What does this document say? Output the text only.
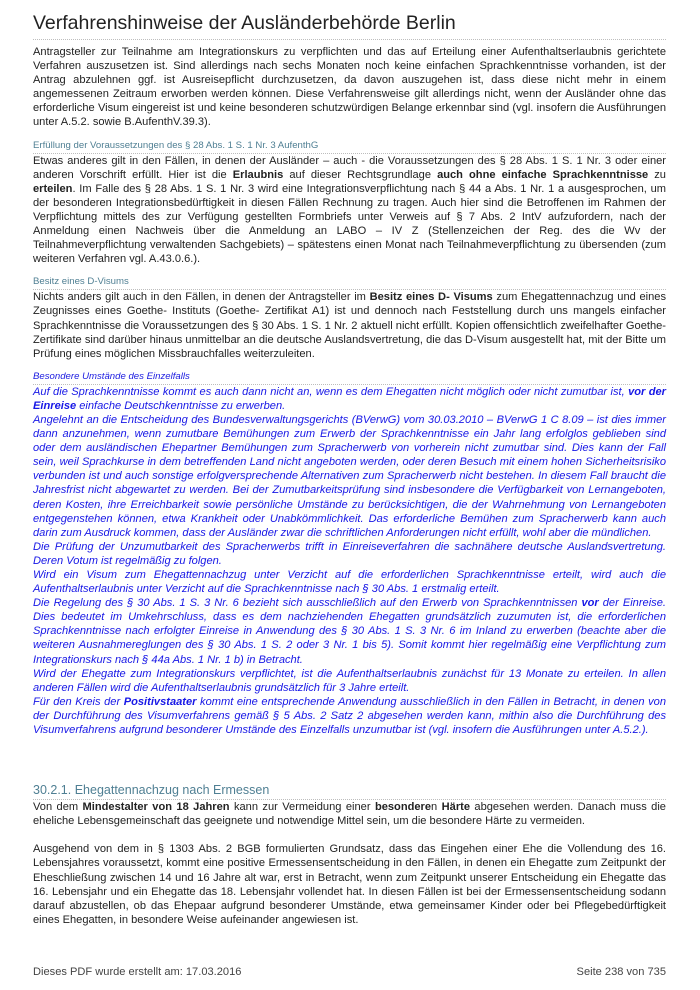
Verfahrenshinweise der Ausländerbehörde Berlin

Antragsteller zur Teilnahme am Integrationskurs zu verpflichten und das auf Erteilung einer Aufenthaltserlaubnis gerichtete Verfahren auszusetzen ist. Sind allerdings nach sechs Monaten noch keine einfachen Sprachkenntnisse vorhanden, ist der Antrag abzulehnen ggf. ist Ausreisepflicht durchzusetzen, da davon auszugehen ist, dass diese nicht mehr in einem angemessenen Zeitraum erworben werden können. Diese Verfahrensweise gilt allerdings nicht, wenn der Ausländer ohne das erforderliche Visum eingereist ist und keine besonderen schutzwürdigen Belange erkennbar sind (vgl. insofern die Ausführungen unter A.5.2. sowie B.AufenthV.39.3).

Erfüllung der Voraussetzungen des § 28 Abs. 1 S. 1 Nr. 3 AufenthG

Etwas anderes gilt in den Fällen, in denen der Ausländer – auch - die Voraussetzungen des § 28 Abs. 1 S. 1 Nr. 3 oder einer anderen Vorschrift erfüllt. Hier ist die Erlaubnis auf dieser Rechtsgrundlage auch ohne einfache Sprachkenntnisse zu erteilen. Im Falle des § 28 Abs. 1 S. 1 Nr. 3 wird eine Integrationsverpflichtung nach § 44 a Abs. 1 Nr. 1 a ausgesprochen, um der besonderen Integrationsbedürftigkeit in diesen Fällen Rechnung zu tragen. Auch hier sind die Betroffenen im Rahmen der Verpflichtung mittels des zur Verfügung gestellten Formbriefs unter Verweis auf § 7 Abs. 2 IntV aufzufordern, nach der Anmeldung einen Nachweis über die Anmeldung an LABO – IV Z (Stellenzeichen der Reg. des die Wv der Teilnahmeverpflichtung verwaltenden Sachgebiets) – spätestens einen Monat nach Teilnahmeverpflichtung zu übersenden (zum weiteren Verfahren vgl. A.43.0.6.).

Besitz eines D-Visums

Nichts anders gilt auch in den Fällen, in denen der Antragsteller im Besitz eines D- Visums zum Ehegattennachzug und eines Zeugnisses eines Goethe- Instituts (Goethe- Zertifikat A1) ist und dennoch nach Feststellung durch uns mangels einfacher Sprachkenntnisse die Voraussetzungen des § 30 Abs. 1 S. 1 Nr. 2 aktuell nicht erfüllt. Kopien offensichtlich zweifelhafter Goethe- Zertifikate sind darüber hinaus unmittelbar an die deutsche Auslandsvertretung, die das D-Visum ausgestellt hat, mit der Bitte um Prüfung eines möglichen Missbrauchfalles weiterzuleiten.

Besondere Umstände des Einzelfalls

Auf die Sprachkenntnisse kommt es auch dann nicht an, wenn es dem Ehegatten nicht möglich oder nicht zumutbar ist, vor der Einreise einfache Deutschkenntnisse zu erwerben.

Angelehnt an die Entscheidung des Bundesverwaltungsgerichts (BVerwG) vom 30.03.2010 – BVerwG 1 C 8.09 – ist dies immer dann anzunehmen, wenn zumutbare Bemühungen zum Erwerb der Sprachkenntnisse ein Jahr lang erfolglos geblieben sind oder dem ausländischen Ehepartner Bemühungen zum Spracherwerb von vorherein nicht zumutbar sind. Dies kann der Fall sein, weil Sprachkurse in dem betreffenden Land nicht angeboten werden, oder deren Besuch mit einem hohen Sicherheitsrisiko verbunden ist und auch sonstige erfolgversprechende Alternativen zum Spracherwerb nicht bestehen. In diesem Fall braucht die Jahresfrist nicht abgewartet zu werden. Bei der Zumutbarkeitsprüfung sind insbesondere die Verfügbarkeit von Lernangeboten, deren Kosten, ihre Erreichbarkeit sowie persönliche Umstände zu berücksichtigen, die der Wahrnehmung von Lernangeboten entgegenstehen können, etwa Krankheit oder Unabkömmlichkeit. Das erforderliche Bemühen zum Spracherwerb kann auch darin zum Ausdruck kommen, dass der Ausländer zwar die schriftlichen Anforderungen nicht erfüllt, wohl aber die mündlichen.

Die Prüfung der Unzumutbarkeit des Spracherwerbs trifft in Einreiseverfahren die sachnähere deutsche Auslandsvertretung. Deren Votum ist regelmäßig zu folgen.

Wird ein Visum zum Ehegattennachzug unter Verzicht auf die erforderlichen Sprachkenntnisse erteilt, wird auch die Aufenthaltserlaubnis unter Verzicht auf die Sprachkenntnisse nach § 30 Abs. 1 erstmalig erteilt.

Die Regelung des § 30 Abs. 1 S. 3 Nr. 6 bezieht sich ausschließlich auf den Erwerb von Sprachkenntnissen vor der Einreise. Dies bedeutet im Umkehrschluss, dass es dem nachziehenden Ehegatten grundsätzlich zuzumuten ist, die erforderlichen Sprachkenntnisse nach erfolgter Einreise in Anwendung des § 30 Abs. 1 S. 3 Nr. 6 im Inland zu erwerben (beachte aber die weiteren Ausnahmereglungen des § 30 Abs. 1 S. 2 oder 3 Nr. 1 bis 5). Somit kommt hier regelmäßig eine Verpflichtung zum Integrationskurs nach § 44a Abs. 1 Nr. 1 b) in Betracht.

Wird der Ehegatte zum Integrationskurs verpflichtet, ist die Aufenthaltserlaubnis zunächst für 13 Monate zu erteilen. In allen anderen Fällen wird die Aufenthaltserlaubnis grundsätzlich für 3 Jahre erteilt.

Für den Kreis der Positivstaater kommt eine entsprechende Anwendung ausschließlich in den Fällen in Betracht, in denen von der Durchführung des Visumverfahrens gemäß § 5 Abs. 2 Satz 2 abgesehen werden kann, mithin also die Durchführung des Visumverfahrens aufgrund besonderer Umstände des Einzelfalls unzumutbar ist (vgl. insofern die Ausführungen unter A.5.2.).

30.2.1. Ehegattennachzug nach Ermessen

Von dem Mindestalter von 18 Jahren kann zur Vermeidung einer besonderen Härte abgesehen werden. Danach muss die eheliche Lebensgemeinschaft das geeignete und notwendige Mittel sein, um die besondere Härte zu vermeiden.

Ausgehend von dem in § 1303 Abs. 2 BGB formulierten Grundsatz, dass das Eingehen einer Ehe die Vollendung des 16. Lebensjahres voraussetzt, kommt eine positive Ermessensentscheidung in den Fällen, in denen ein Ehegatte zum Zeitpunkt der Eheschließung zwischen 14 und 16 Jahre alt war, erst in Betracht, wenn zum Zeitpunkt unserer Entscheidung ein Ehegatte das 16. Lebensjahr und ein Ehegatte das 18. Lebensjahr vollendet hat. In diesen Fällen ist bei der Ermessensentscheidung sodann darauf abzustellen, ob das Ehepaar aufgrund besonderer Umstände, etwa gemeinsamer Kinder oder bei Pflegebedürftigkeit eines Ehegatten, in besondere Weise aufeinander angewiesen ist.

Dieses PDF wurde erstellt am: 17.03.2016	Seite 238 von 735
